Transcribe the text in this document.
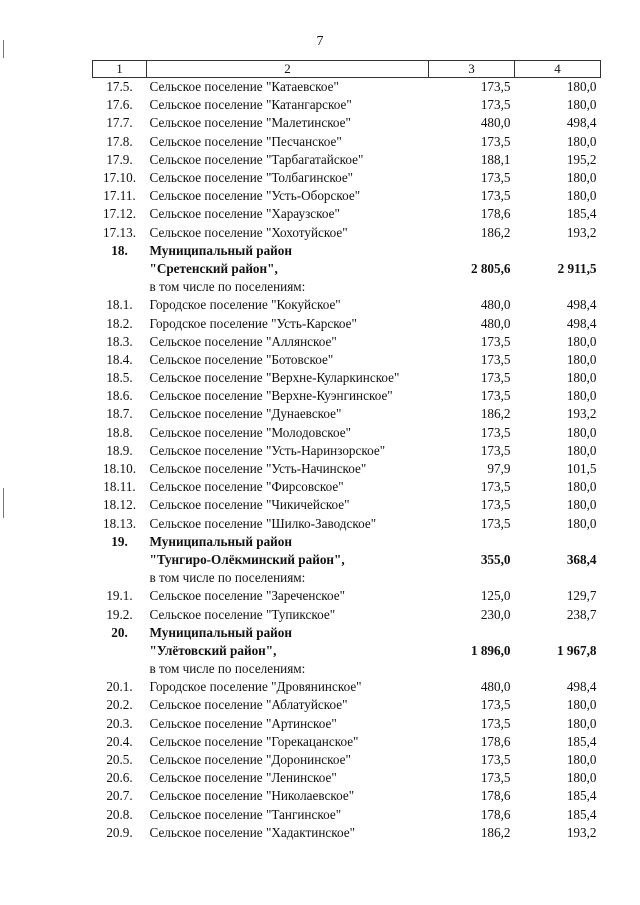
7
1	2	3	4
17.5.	Сельское поселение "Катаевское"	173,5	180,0
17.6.	Сельское поселение "Катангарское"	173,5	180,0
17.7.	Сельское поселение "Малетинское"	480,0	498,4
17.8.	Сельское поселение "Песчанское"	173,5	180,0
17.9.	Сельское поселение "Тарбагатайское"	188,1	195,2
17.10.	Сельское поселение "Толбагинское"	173,5	180,0
17.11.	Сельское поселение "Усть-Оборское"	173,5	180,0
17.12.	Сельское поселение "Хараузское"	178,6	185,4
17.13.	Сельское поселение "Хохотуйское"	186,2	193,2
18.	Муниципальный район		
	"Сретенский район",	2 805,6	2 911,5
	в том числе по поселениям:		
18.1.	Городское поселение "Кокуйское"	480,0	498,4
18.2.	Городское поселение "Усть-Карское"	480,0	498,4
18.3.	Сельское поселение "Аллянское"	173,5	180,0
18.4.	Сельское поселение "Ботовское"	173,5	180,0
18.5.	Сельское поселение "Верхне-Куларкинское"	173,5	180,0
18.6.	Сельское поселение "Верхне-Куэнгинское"	173,5	180,0
18.7.	Сельское поселение "Дунаевское"	186,2	193,2
18.8.	Сельское поселение "Молодовское"	173,5	180,0
18.9.	Сельское поселение "Усть-Наринзорское"	173,5	180,0
18.10.	Сельское поселение "Усть-Начинское"	97,9	101,5
18.11.	Сельское поселение "Фирсовское"	173,5	180,0
18.12.	Сельское поселение "Чикичейское"	173,5	180,0
18.13.	Сельское поселение "Шилко-Заводское"	173,5	180,0
19.	Муниципальный район		
	"Тунгиро-Олёкминский район",	355,0	368,4
	в том числе по поселениям:		
19.1.	Сельское поселение "Зареченское"	125,0	129,7
19.2.	Сельское поселение "Тупикское"	230,0	238,7
20.	Муниципальный район		
	"Улётовский район",	1 896,0	1 967,8
	в том числе по поселениям:		
20.1.	Городское поселение "Дровянинское"	480,0	498,4
20.2.	Сельское поселение "Аблатуйское"	173,5	180,0
20.3.	Сельское поселение "Артинское"	173,5	180,0
20.4.	Сельское поселение "Горекацанское"	178,6	185,4
20.5.	Сельское поселение "Доронинское"	173,5	180,0
20.6.	Сельское поселение "Ленинское"	173,5	180,0
20.7.	Сельское поселение "Николаевское"	178,6	185,4
20.8.	Сельское поселение "Тангинское"	178,6	185,4
20.9.	Сельское поселение "Хадактинское"	186,2	193,2
